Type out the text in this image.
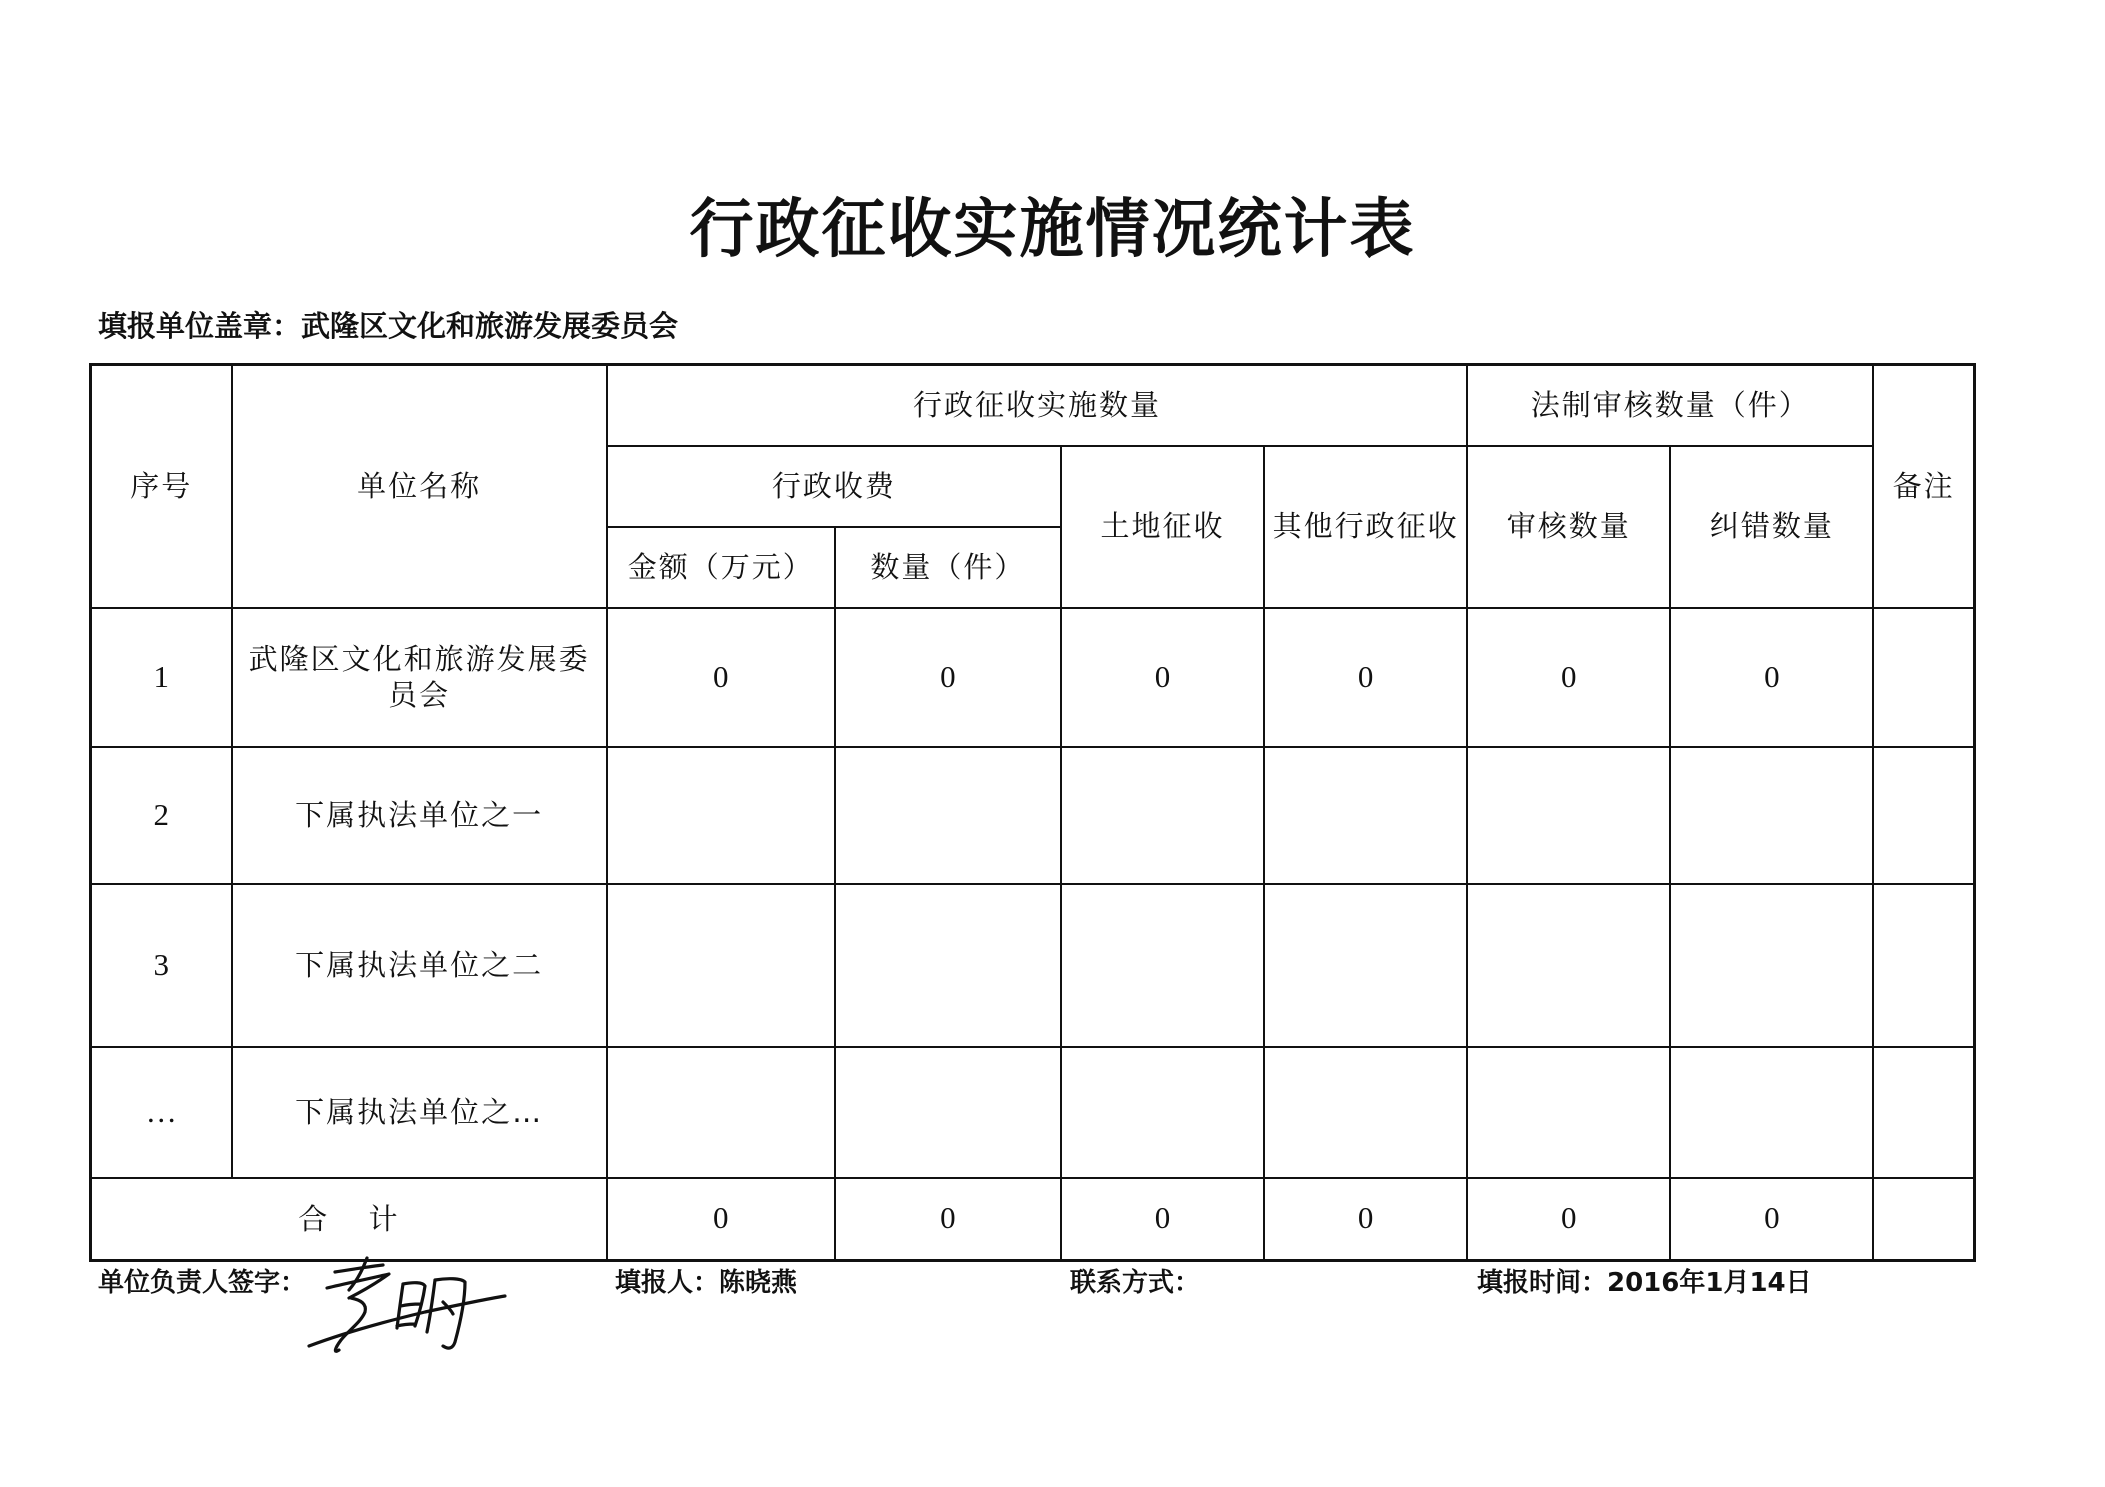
行政征收实施情况统计表
填报单位盖章：武隆区文化和旅游发展委员会
序号	单位名称	行政征收实施数量				法制审核数量（件）		备注
		行政收费		土地征收	其他行政征收	审核数量	纠错数量	
		金额（万元）	数量（件）					
1	武隆区文化和旅游发展委员会	0	0	0	0	0	0	
2	下属执法单位之一							
3	下属执法单位之二							
…	下属执法单位之…							
合 计		0	0	0	0	0	0	
单位负责人签字：	填报人：陈晓燕	联系方式：	填报时间：2016年1月14日
